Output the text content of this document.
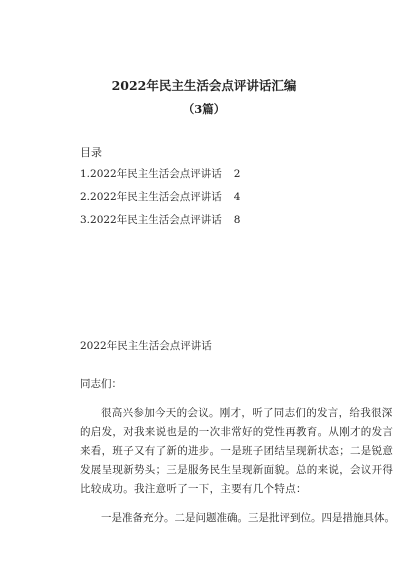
2022年民主生活会点评讲话汇编
（3篇）
目录
1.2022年民主生活会点评讲话 2
2.2022年民主生活会点评讲话 4
3.2022年民主生活会点评讲话 8
2022年民主生活会点评讲话
同志们：

很高兴参加今天的会议。刚才，听了同志们的发言，给我很深
的启发，对我来说也是的一次非常好的党性再教育。从刚才的发言
来看，班子又有了新的进步。一是班子团结呈现新状态；二是锐意
发展呈现新势头；三是服务民生呈现新面貌。总的来说，会议开得
比较成功。我注意听了一下，主要有几个特点：

一是准备充分。二是问题准确。三是批评到位。四是措施具体。
